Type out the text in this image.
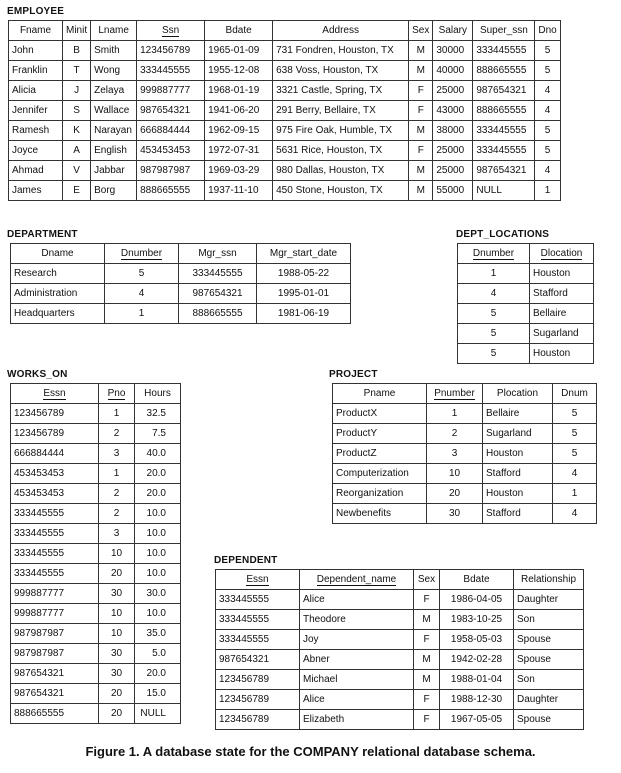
EMPLOYEE
Fname	Minit	Lname	Ssn	Bdate	Address	Sex	Salary	Super_ssn	Dno
John	B	Smith	123456789	1965-01-09	731 Fondren, Houston, TX	M	30000	333445555	5
Franklin	T	Wong	333445555	1955-12-08	638 Voss, Houston, TX	M	40000	888665555	5
Alicia	J	Zelaya	999887777	1968-01-19	3321 Castle, Spring, TX	F	25000	987654321	4
Jennifer	S	Wallace	987654321	1941-06-20	291 Berry, Bellaire, TX	F	43000	888665555	4
Ramesh	K	Narayan	666884444	1962-09-15	975 Fire Oak, Humble, TX	M	38000	333445555	5
Joyce	A	English	453453453	1972-07-31	5631 Rice, Houston, TX	F	25000	333445555	5
Ahmad	V	Jabbar	987987987	1969-03-29	980 Dallas, Houston, TX	M	25000	987654321	4
James	E	Borg	888665555	1937-11-10	450 Stone, Houston, TX	M	55000	NULL	1
DEPARTMENT
Dname	Dnumber	Mgr_ssn	Mgr_start_date
Research	5	333445555	1988-05-22
Administration	4	987654321	1995-01-01
Headquarters	1	888665555	1981-06-19
DEPT_LOCATIONS
Dnumber	Dlocation
1	Houston
4	Stafford
5	Bellaire
5	Sugarland
5	Houston
WORKS_ON
Essn	Pno	Hours
123456789	1	32.5
123456789	2	7.5
666884444	3	40.0
453453453	1	20.0
453453453	2	20.0
333445555	2	10.0
333445555	3	10.0
333445555	10	10.0
333445555	20	10.0
999887777	30	30.0
999887777	10	10.0
987987987	10	35.0
987987987	30	5.0
987654321	30	20.0
987654321	20	15.0
888665555	20	NULL
PROJECT
Pname	Pnumber	Plocation	Dnum
ProductX	1	Bellaire	5
ProductY	2	Sugarland	5
ProductZ	3	Houston	5
Computerization	10	Stafford	4
Reorganization	20	Houston	1
Newbenefits	30	Stafford	4
DEPENDENT
Essn	Dependent_name	Sex	Bdate	Relationship
333445555	Alice	F	1986-04-05	Daughter
333445555	Theodore	M	1983-10-25	Son
333445555	Joy	F	1958-05-03	Spouse
987654321	Abner	M	1942-02-28	Spouse
123456789	Michael	M	1988-01-04	Son
123456789	Alice	F	1988-12-30	Daughter
123456789	Elizabeth	F	1967-05-05	Spouse
Figure 1. A database state for the COMPANY relational database schema.
